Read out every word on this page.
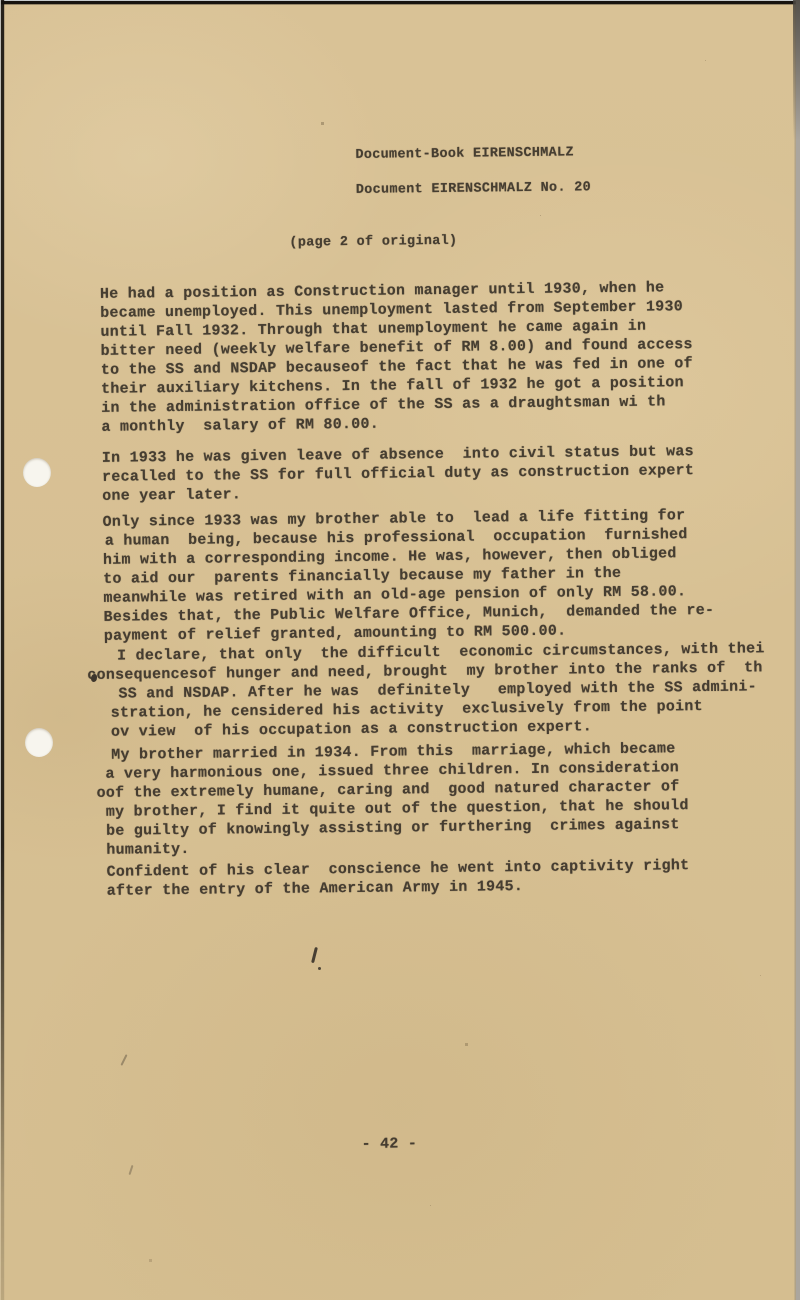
Document-Book EIRENSCHMALZ
Document EIRENSCHMALZ No. 20
(page 2 of original)
He had a position as Construction manager until 1930, when he
became unemployed. This unemployment lasted from September 1930
until Fall 1932. Through that unemployment he came again in
bitter need (weekly welfare benefit of RM 8.00) and found access
to the SS and NSDAP becauseof the fact that he was fed in one of
their auxiliary kitchens. In the fall of 1932 he got a position
in the administration office of the SS as a draughtsman wi th
a monthly  salary of RM 80.00.
In 1933 he was given leave of absence  into civil status but was
recalled to the SS for full official duty as construction expert
one year later.
Only since 1933 was my brother able to  lead a life fitting for
a human  being, because his professional  occupation  furnished
him with a corresponding income. He was, however, then obliged
to aid our  parents financially because my father in the
meanwhile was retired with an old-age pension of only RM 58.00.
Besides that, the Public Welfare Office, Munich,  demanded the re-
payment of relief granted, amounting to RM 500.00.
I declare, that only  the difficult  economic circumstances, with thei
consequencesof hunger and need, brought  my brother into the ranks of  th
SS and NSDAP. After he was  definitely   employed with the SS admini-
stration, he censidered his activity  exclusively from the point
ov view  of his occupation as a construction expert.
My brother married in 1934. From this  marriage, which became
a very harmonious one, issued three children. In consideration
oof the extremely humane, caring and  good natured character of
my brother, I find it quite out of the question, that he should
be guilty of knowingly assisting or furthering  crimes against
humanity.
Confident of his clear  conscience he went into captivity right
after the entry of the American Army in 1945.
- 42 -
